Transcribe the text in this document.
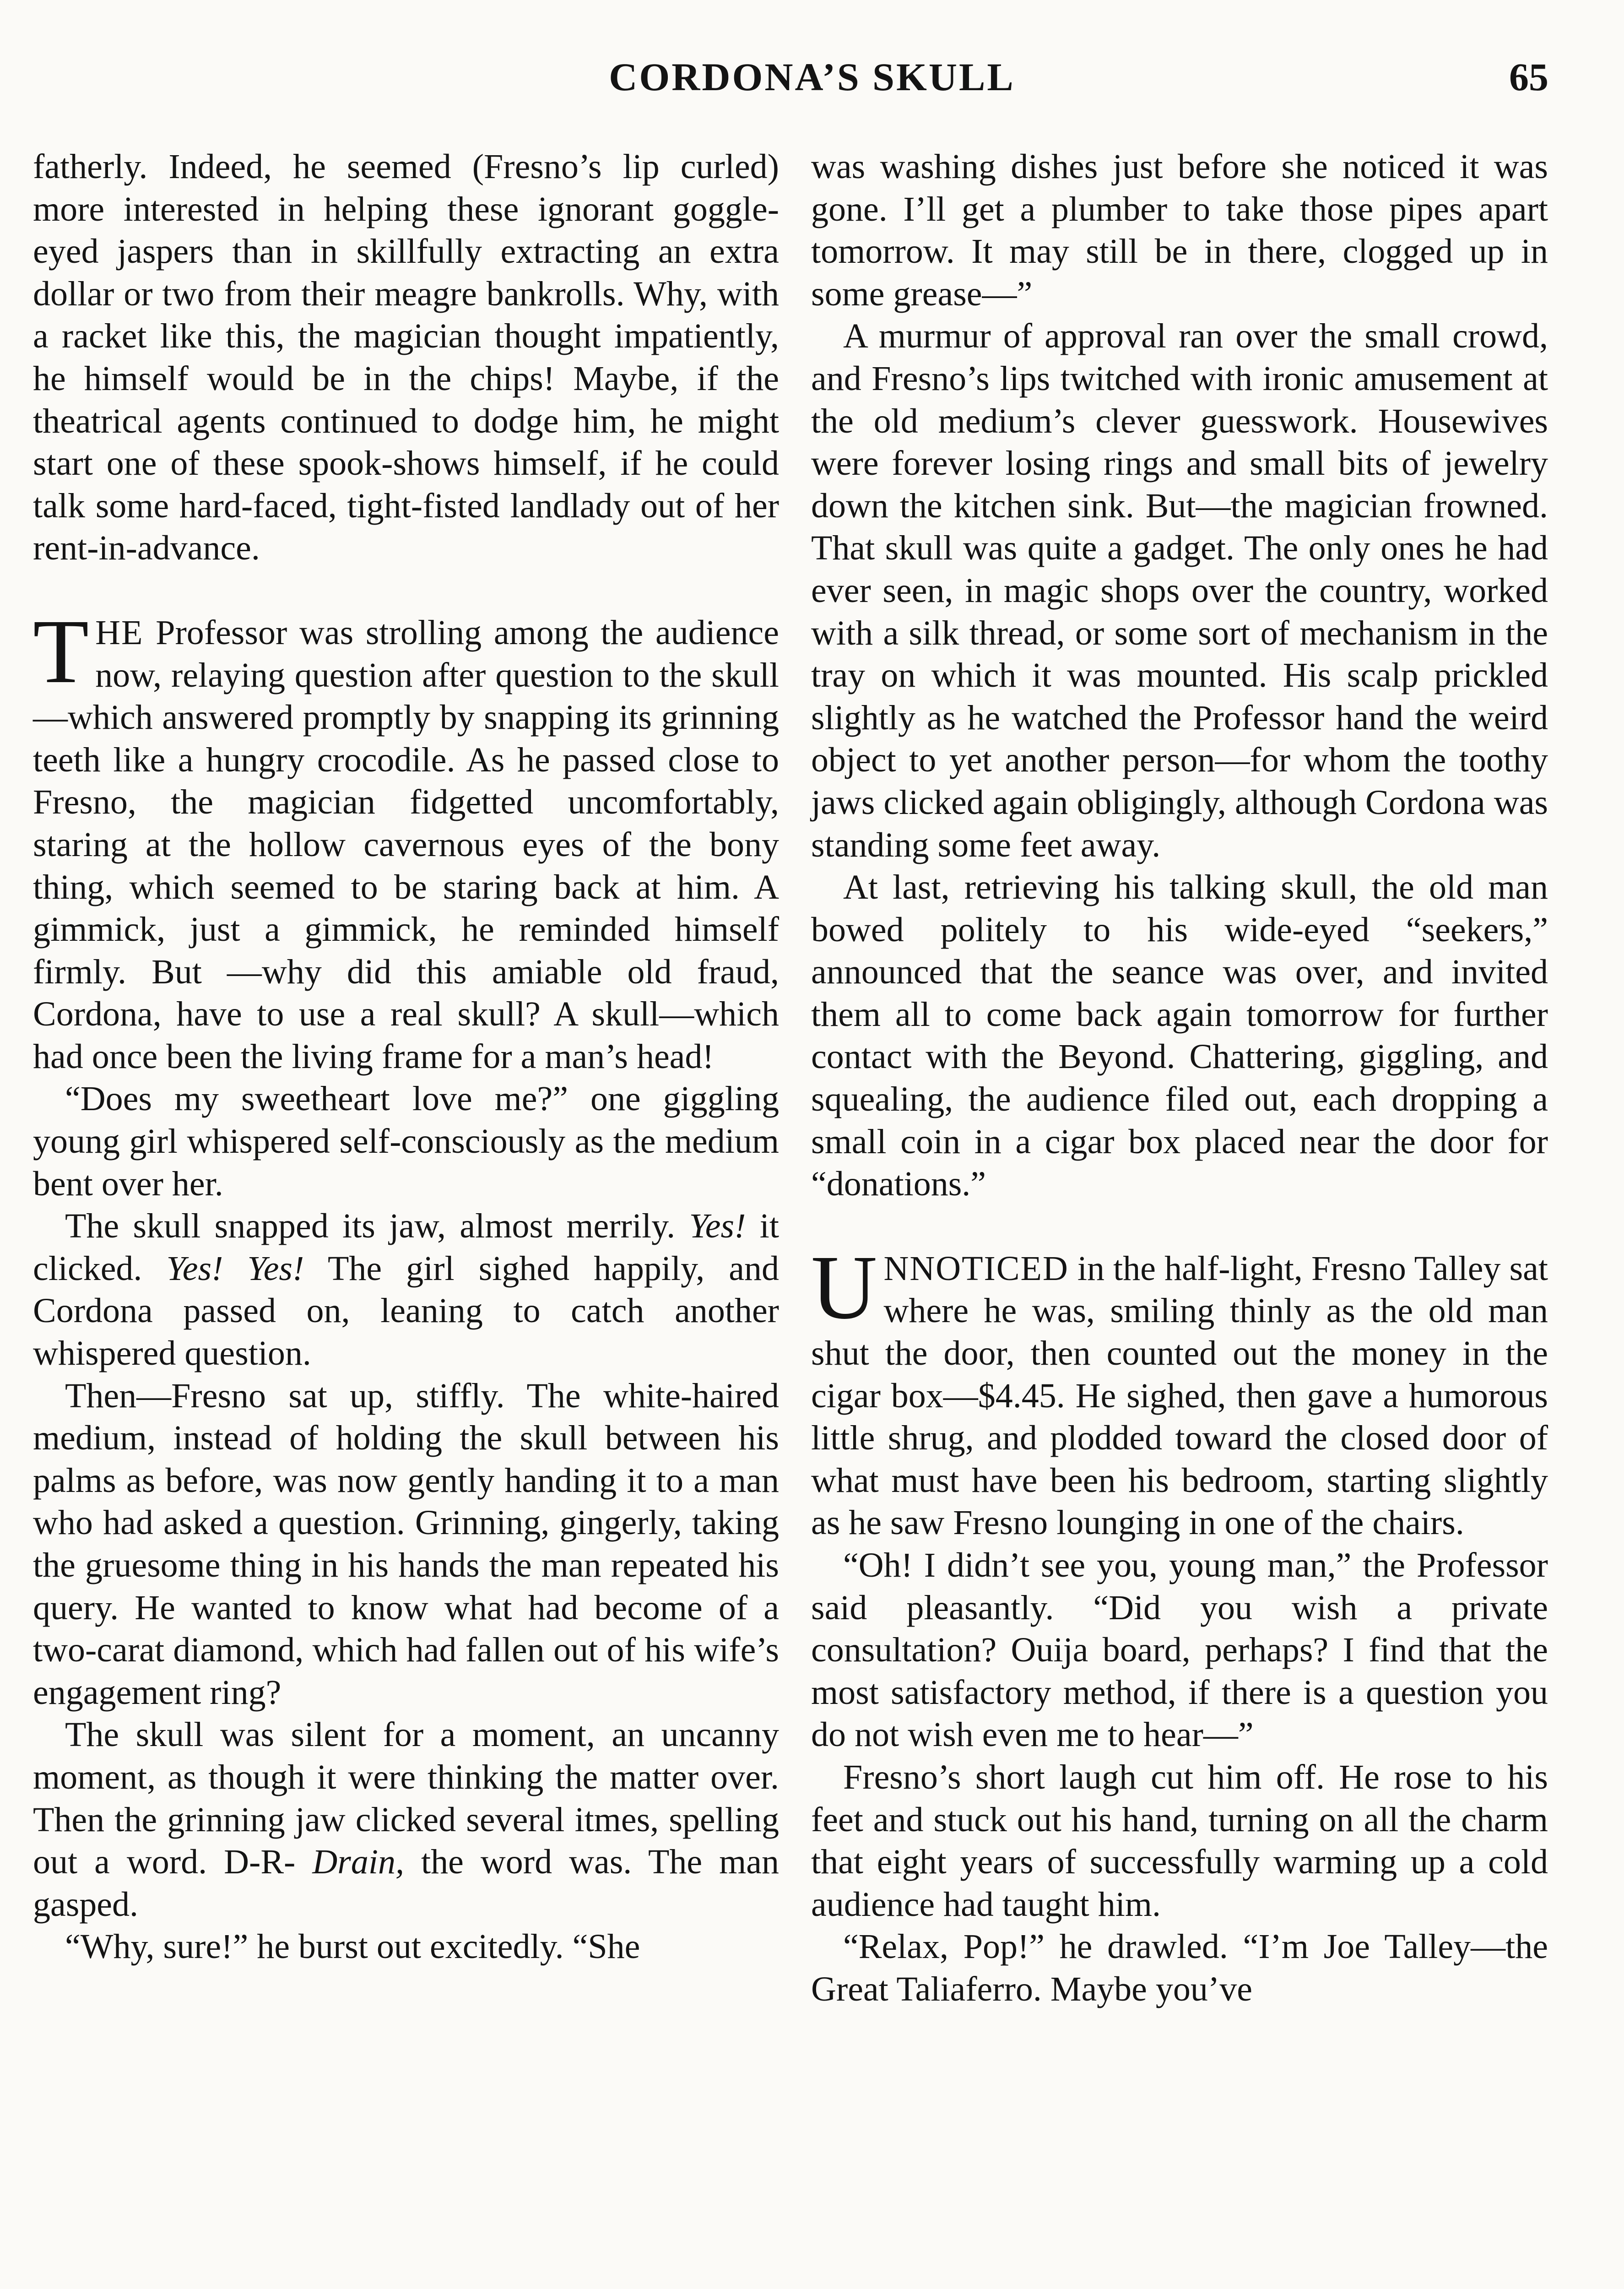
CORDONA’S SKULL	65

fatherly. Indeed, he seemed (Fresno’s lip curled) more interested in helping these ignorant goggle-eyed jaspers than in skillfully extracting an extra dollar or two from their meagre bankrolls. Why, with a racket like this, the magician thought impatiently, he himself would be in the chips! Maybe, if the theatrical agents continued to dodge him, he might start one of these spook-shows himself, if he could talk some hard-faced, tight-fisted landlady out of her rent-in-advance.

THE Professor was strolling among the audience now, relaying question after question to the skull—which answered promptly by snapping its grinning teeth like a hungry crocodile. As he passed close to Fresno, the magician fidgetted uncomfortably, staring at the hollow cavernous eyes of the bony thing, which seemed to be staring back at him. A gimmick, just a gimmick, he reminded himself firmly. But —why did this amiable old fraud, Cordona, have to use a real skull? A skull—which had once been the living frame for a man’s head!

“Does my sweetheart love me?” one giggling young girl whispered self-consciously as the medium bent over her.

The skull snapped its jaw, almost merrily. Yes! it clicked. Yes! Yes! The girl sighed happily, and Cordona passed on, leaning to catch another whispered question.

Then—Fresno sat up, stiffly. The white-haired medium, instead of holding the skull between his palms as before, was now gently handing it to a man who had asked a question. Grinning, gingerly, taking the gruesome thing in his hands the man repeated his query. He wanted to know what had become of a two-carat diamond, which had fallen out of his wife’s engagement ring?

The skull was silent for a moment, an uncanny moment, as though it were thinking the matter over. Then the grinning jaw clicked several itmes, spelling out a word. D-R- Drain, the word was. The man gasped.

“Why, sure!” he burst out excitedly. “She

was washing dishes just before she noticed it was gone. I’ll get a plumber to take those pipes apart tomorrow. It may still be in there, clogged up in some grease—”

A murmur of approval ran over the small crowd, and Fresno’s lips twitched with ironic amusement at the old medium’s clever guesswork. Housewives were forever losing rings and small bits of jewelry down the kitchen sink. But—the magician frowned. That skull was quite a gadget. The only ones he had ever seen, in magic shops over the country, worked with a silk thread, or some sort of mechanism in the tray on which it was mounted. His scalp prickled slightly as he watched the Professor hand the weird object to yet another person—for whom the toothy jaws clicked again obligingly, although Cordona was standing some feet away.

At last, retrieving his talking skull, the old man bowed politely to his wide-eyed “seekers,” announced that the seance was over, and invited them all to come back again tomorrow for further contact with the Beyond. Chattering, giggling, and squealing, the audience filed out, each dropping a small coin in a cigar box placed near the door for “donations.”

UNNOTICED in the half-light, Fresno Talley sat where he was, smiling thinly as the old man shut the door, then counted out the money in the cigar box—$4.45. He sighed, then gave a humorous little shrug, and plodded toward the closed door of what must have been his bedroom, starting slightly as he saw Fresno lounging in one of the chairs.

“Oh! I didn’t see you, young man,” the Professor said pleasantly. “Did you wish a private consultation? Ouija board, perhaps? I find that the most satisfactory method, if there is a question you do not wish even me to hear—”

Fresno’s short laugh cut him off. He rose to his feet and stuck out his hand, turning on all the charm that eight years of successfully warming up a cold audience had taught him.

“Relax, Pop!” he drawled. “I’m Joe Talley—the Great Taliaferro. Maybe you’ve
